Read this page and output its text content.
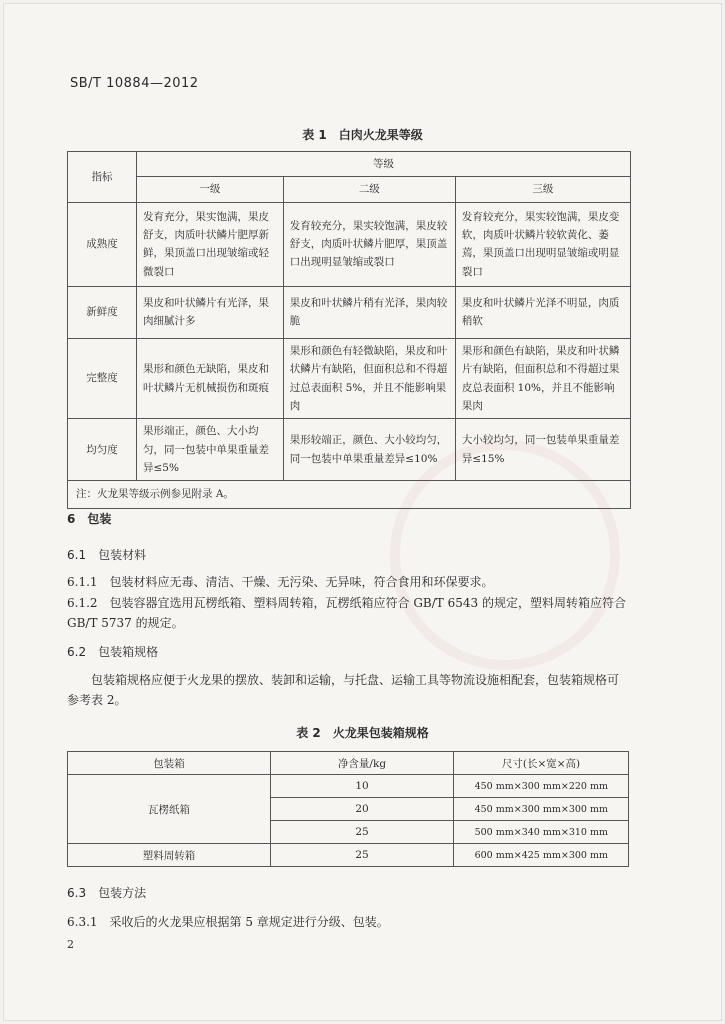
SB/T 10884—2012
表 1　白肉火龙果等级
指标	等级		
	一级	二级	三级
成熟度	发育充分，果实饱满，果皮舒支，肉质叶状鳞片肥厚新鲜，果顶盖口出现皱缩或轻微裂口	发育较充分，果实较饱满，果皮较舒支，肉质叶状鳞片肥厚，果顶盖口出现明显皱缩或裂口	发育较充分，果实较饱满，果皮变软，肉质叶状鳞片较软黄化、萎蔫，果顶盖口出现明显皱缩或明显裂口
新鲜度	果皮和叶状鳞片有光泽，果肉细腻汁多	果皮和叶状鳞片稍有光泽，果肉较脆	果皮和叶状鳞片光泽不明显，肉质稍软
完整度	果形和颜色无缺陷，果皮和叶状鳞片无机械损伤和斑痕	果形和颜色有轻微缺陷，果皮和叶状鳞片有缺陷，但面积总和不得超过总表面积 5%，并且不能影响果肉	果形和颜色有缺陷，果皮和叶状鳞片有缺陷，但面积总和不得超过果皮总表面积 10%，并且不能影响果肉
均匀度	果形端正，颜色、大小均匀，同一包装中单果重量差异≤5%	果形较端正，颜色、大小较均匀，同一包装中单果重量差异≤10%	大小较均匀，同一包装单果重量差异≤15%
注：火龙果等级示例参见附录 A。			
6　包装
6.1　包装材料
6.1.1　包装材料应无毒、清洁、干燥、无污染、无异味，符合食用和环保要求。
6.1.2　包装容器宜选用瓦楞纸箱、塑料周转箱，瓦楞纸箱应符合 GB/T 6543 的规定，塑料周转箱应符合 GB/T 5737 的规定。
6.2　包装箱规格
包装箱规格应便于火龙果的摆放、装卸和运输，与托盘、运输工具等物流设施相配套，包装箱规格可参考表 2。
表 2　火龙果包装箱规格
包装箱	净含量/kg	尺寸(长×宽×高)
瓦楞纸箱	10	450 mm×300 mm×220 mm
	20	450 mm×300 mm×300 mm
	25	500 mm×340 mm×310 mm
塑料周转箱	25	600 mm×425 mm×300 mm
6.3　包装方法
6.3.1　采收后的火龙果应根据第 5 章规定进行分级、包装。
2
